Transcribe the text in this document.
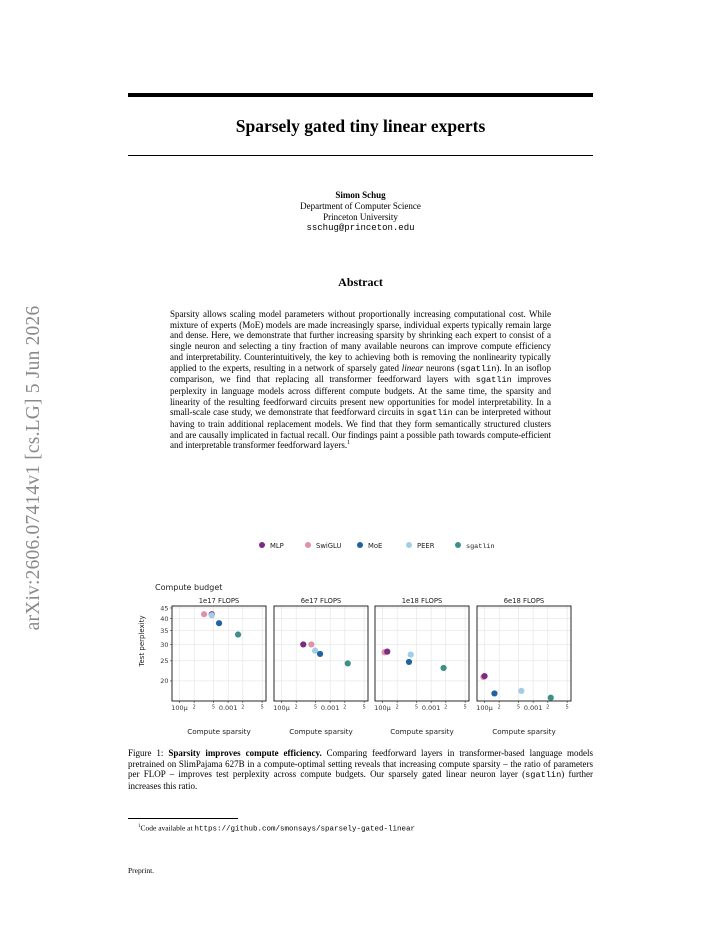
arXiv:2606.07414v1 [cs.LG] 5 Jun 2026
Sparsely gated tiny linear experts
Simon Schug
Department of Computer Science
Princeton University
sschug@princeton.edu
Abstract

Sparsity allows scaling model parameters without proportionally increasing computational cost. While mixture of experts (MoE) models are made increasingly sparse, individual experts typically remain large and dense. Here, we demonstrate that further increasing sparsity by shrinking each expert to consist of a single neuron and selecting a tiny fraction of many available neurons can improve compute efficiency and interpretability. Counterintuitively, the key to achieving both is removing the nonlinearity typically applied to the experts, resulting in a network of sparsely gated linear neurons (sgatlin). In an isoflop comparison, we find that replacing all transformer feedforward layers with sgatlin improves perplexity in language models across different compute budgets. At the same time, the sparsity and linearity of the resulting feedforward circuits present new opportunities for model interpretability. In a small-scale case study, we demonstrate that feedforward circuits in sgatlin can be interpreted without having to train additional replacement models. We find that they form semantically structured clusters and are causally implicated in factual recall. Our findings paint a possible path towards compute-efficient and interpretable transformer feedforward layers.$^1$

MLP	SwiGLU	MoE	PEER	sgatlin
Compute budget
Test perplexity
1e17 FLOPS
100μ 2	5 0.001 2	5
Compute sparsity
45
40
35
30
25
20
6e17 FLOPS
100μ 2	5 0.001 2	5
Compute sparsity
1e18 FLOPS
100μ 2	5 0.001 2	5
Compute sparsity
6e18 FLOPS
100μ 2	5 0.001 2	5
Compute sparsity

Figure 1: Sparsity improves compute efficiency. Comparing feedforward layers in transformer-based language models pretrained on SlimPajama 627B in a compute-optimal setting reveals that increasing compute sparsity – the ratio of parameters per FLOP – improves test perplexity across compute budgets. Our sparsely gated linear neuron layer (sgatlin) further increases this ratio.

$^1$Code available at https://github.com/smonsays/sparsely-gated-linear

Preprint.
